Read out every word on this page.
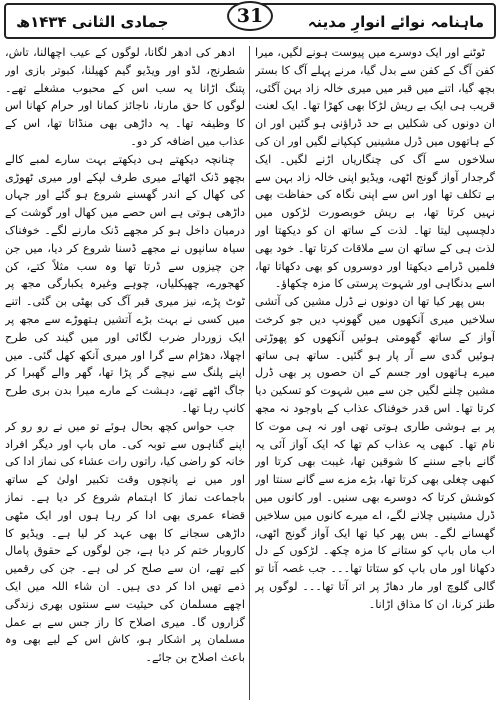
ماہنامہ نوائے انوارِ مدینہ
جمادی الثانی ۱۴۳۴ھ	31

ٹوٹنے اور ایک دوسرے میں پیوست ہونے لگیں، میرا کفن آگ کے کفن سے بدل گیا، مرنے پہلے آگ کا بستر بچھ گیا، اتنے میں قبر میں میری خالہ زاد بہن آگئی، قریب ہی ایک بے ریش لڑکا بھی کھڑا تھا۔ ایک لعنت ان دونوں کی شکلیں بے حد ڈراؤنی ہو گئیں اور ان کے ہاتھوں میں ڈرل مشینیں کپکپانے لگیں اور ان کی سلاخوں سے آگ کی چنگاریاں اڑنے لگیں۔ ایک گرجدار آواز گونج اٹھی، ویڈیو اپنی خالہ زاد بہن سے بے تکلف تھا اور اس سے اپنی نگاہ کی حفاظت بھی نہیں کرتا تھا، بے ریش خوبصورت لڑکوں میں دلچسپی لیتا تھا۔ لذت کے ساتھ ان کو دیکھتا اور لذت ہی کے ساتھ ان سے ملاقات کرتا تھا۔ خود بھی فلمیں ڈرامے دیکھتا اور دوسروں کو بھی دکھاتا تھا، اسے بدنگاہی اور شہوت پرستی کا مزہ چکھاؤ۔

بس پھر کیا تھا ان دونوں نے ڈرل مشین کی آتشی سلاخیں میری آنکھوں میں گھونپ دیں جو کرخت آواز کے ساتھ گھومتی ہوئیں آنکھوں کو پھوڑتی ہوئیں گدی سے آر پار ہو گئیں۔ ساتھ ہی ساتھ میرے ہاتھوں اور جسم کے ان حصوں پر بھی ڈرل مشین چلنے لگیں جن سے میں شہوت کو تسکین دیا کرتا تھا۔ اس قدر خوفناک عذاب کے باوجود نہ مجھ پر بے ہوشی طاری ہوتی تھی اور نہ ہی موت کا نام تھا۔ کبھی یہ عذاب کم تھا کہ ایک آواز آئی یہ گانے باجے سننے کا شوقین تھا، غیبت بھی کرتا اور کبھی چغلی بھی کرتا تھا، بڑے مزے سے گانے سنتا اور کوشش کرتا کہ دوسرے بھی سنیں۔ اور کانوں میں ڈرل مشینیں چلانے لگے، اے میرے کانوں میں سلاخیں گھسانے لگے۔ بس پھر کیا تھا ایک آواز گونج اٹھی، اب ماں باپ کو ستانے کا مزہ چکھ۔ لڑکوں کے دل دکھانا اور ماں باپ کو ستاتا تھا۔۔۔ جب غصہ آتا تو گالی گلوچ اور مار دھاڑ پر اتر آتا تھا۔۔۔ لوگوں پر طنز کرنا، ان کا مذاق اڑانا۔

ادھر کی ادھر لگانا، لوگوں کے عیب اچھالنا، تاش، شطرنج، لڈو اور ویڈیو گیم کھیلنا، کبوتر بازی اور پتنگ اڑانا یہ سب اس کے محبوب مشغلے تھے۔ لوگوں کا حق مارنا، ناجائز کمانا اور حرام کھانا اس کا وظیفہ تھا۔ یہ داڑھی بھی منڈاتا تھا، اس کے عذاب میں اضافہ کر دو۔

چنانچہ دیکھتے ہی دیکھتے بہت سارے لمبے کالے بچھو ڈنک اٹھائے میری طرف لپکے اور میری ٹھوڑی کی کھال کے اندر گھسنے شروع ہو گئے اور جہاں داڑھی ہوتی ہے اس حصے میں کھال اور گوشت کے درمیان داخل ہو کر مجھے ڈنک مارنے لگے۔ خوفناک سیاہ سانپوں نے مجھے ڈسنا شروع کر دیا، میں جن جن چیزوں سے ڈرتا تھا وہ سب مثلاً کتے، کن کھجورے، چھپکلیاں، چوہے وغیرہ یکبارگی مجھ پر ٹوٹ پڑے، نیز میری قبر آگ کی بھٹی بن گئی۔ اتنے میں کسی نے بہت بڑے آتشیں ہتھوڑے سے مجھ پر ایک زوردار ضرب لگائی اور میں گیند کی طرح اچھلا، دھڑام سے گرا اور میری آنکھ کھل گئی۔ میں اپنے پلنگ سے نیچے گر پڑا تھا، گھر والے گھبرا کر جاگ اٹھے تھے، دہشت کے مارے میرا بدن بری طرح کانپ رہا تھا۔

جب حواس کچھ بحال ہوئے تو میں نے رو رو کر اپنے گناہوں سے توبہ کی۔ ماں باپ اور دیگر افراد خانہ کو راضی کیا، راتوں رات عشاء کی نماز ادا کی اور میں نے پانچوں وقت تکبیر اولیٰ کے ساتھ باجماعت نماز کا اہتمام شروع کر دیا ہے۔ نماز قضاء عمری بھی ادا کر رہا ہوں اور ایک مٹھی داڑھی سجانے کا بھی عہد کر لیا ہے۔ ویڈیو کا کاروبار ختم کر دیا ہے، جن لوگوں کے حقوق پامال کیے تھے، ان سے صلح کر لی ہے۔ جن کی رقمیں ذمے تھیں ادا کر دی ہیں۔ ان شاء اللہ میں ایک اچھے مسلمان کی حیثیت سے سنتوں بھری زندگی گزاروں گا۔ میری اصلاح کا راز جس سے بے عمل مسلمان پر اشکار ہو، کاش اس کے لیے بھی وہ باعث اصلاح بن جائے۔
